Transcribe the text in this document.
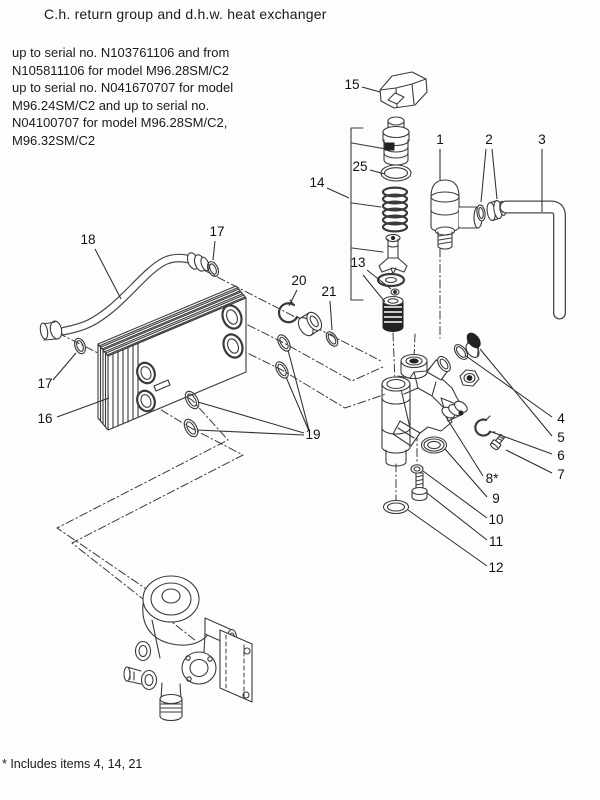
C.h. return group and d.h.w. heat exchanger
up to serial no. N103761106 and from
N105811106 for model M96.28SM/C2
up to serial no. N041670707 for model
M96.24SM/C2 and up to serial no.
N04100707 for model M96.28SM/C2,
M96.32SM/C2
15
14
25
13
1	2	3
18
17
20
21
17
16
19
4
5
6
7
8*
9
10
11
12
* Includes items 4, 14, 21
